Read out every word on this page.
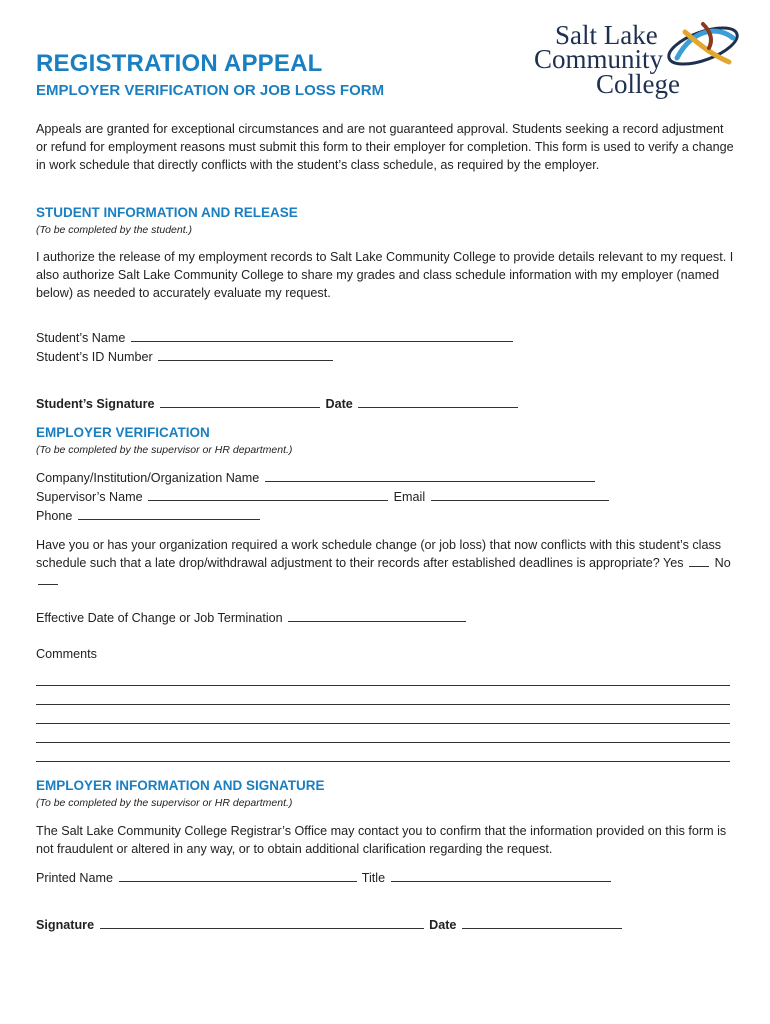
REGISTRATION APPEAL
EMPLOYER VERIFICATION OR JOB LOSS FORM
Salt Lake
Community
College
Appeals are granted for exceptional circumstances and are not guaranteed approval. Students seeking a record adjustment or refund for employment reasons must submit this form to their employer for completion. This form is used to verify a change in work schedule that directly conflicts with the student’s class schedule, as required by the employer.
STUDENT INFORMATION AND RELEASE
(To be completed by the student.)
I authorize the release of my employment records to Salt Lake Community College to provide details relevant to my request. I also authorize Salt Lake Community College to share my grades and class schedule information with my employer (named below) as needed to accurately evaluate my request.
Student’s Name
Student’s ID Number
Student’s Signature	Date
EMPLOYER VERIFICATION
(To be completed by the supervisor or HR department.)
Company/Institution/Organization Name
Supervisor’s Name	Email
Phone
Have you or has your organization required a work schedule change (or job loss) that now conflicts with this student’s class schedule such that a late drop/withdrawal adjustment to their records after established deadlines is appropriate? Yes No
Effective Date of Change or Job Termination
Comments
EMPLOYER INFORMATION AND SIGNATURE
(To be completed by the supervisor or HR department.)
The Salt Lake Community College Registrar’s Office may contact you to confirm that the information provided on this form is not fraudulent or altered in any way, or to obtain additional clarification regarding the request.
Printed Name	Title
Signature	Date
